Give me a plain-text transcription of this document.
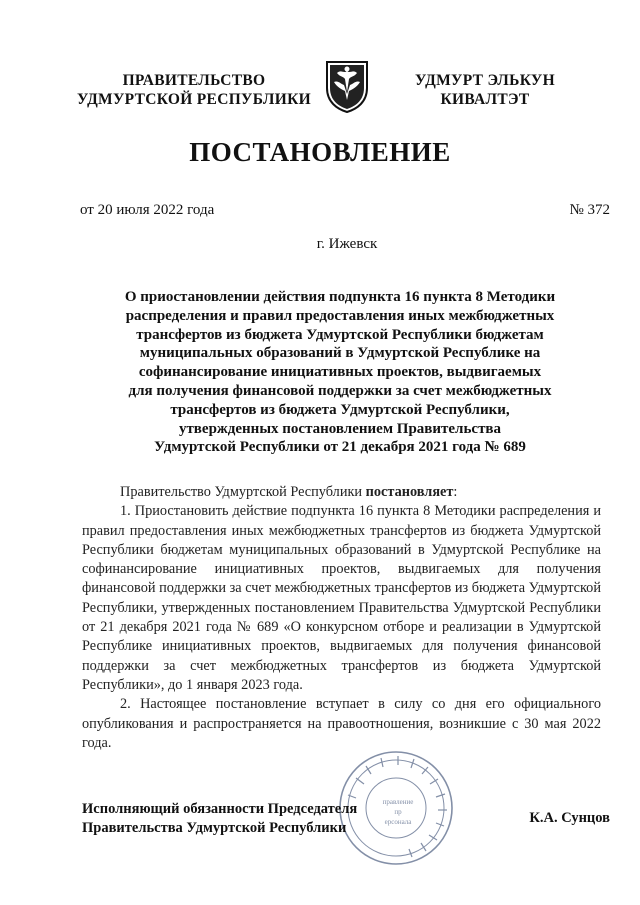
ПРАВИТЕЛЬСТВО
УДМУРТСКОЙ РЕСПУБЛИКИ
УДМУРТ ЭЛЬКУН
КИВАЛТЭТ
ПОСТАНОВЛЕНИЕ
от 20 июля 2022 года	№ 372
г. Ижевск
О приостановлении действия подпункта 16 пункта 8 Методики
распределения и правил предоставления иных межбюджетных
трансфертов из бюджета Удмуртской Республики бюджетам
муниципальных образований в Удмуртской Республике на
софинансирование инициативных проектов, выдвигаемых
для получения финансовой поддержки за счет межбюджетных
трансфертов из бюджета Удмуртской Республики,
утвержденных постановлением Правительства
Удмуртской Республики от 21 декабря 2021 года № 689

Правительство Удмуртской Республики постановляет:

1. Приостановить действие подпункта 16 пункта 8 Методики распределения и правил предоставления иных межбюджетных трансфертов из бюджета Удмуртской Республики бюджетам муниципальных образований в Удмуртской Республике на софинансирование инициативных проектов, выдвигаемых для получения финансовой поддержки за счет межбюджетных трансфертов из бюджета Удмуртской Республики, утвержденных постановлением Правительства Удмуртской Республики от 21 декабря 2021 года № 689 «О конкурсном отборе и реализации в Удмуртской Республике инициативных проектов, выдвигаемых для получения финансовой поддержки за счет межбюджетных трансфертов из бюджета Удмуртской Республики», до 1 января 2023 года.

2. Настоящее постановление вступает в силу со дня его официального опубликования и распространяется на правоотношения, возникшие с 30 мая 2022 года.

правление
пр
ерсонала
Исполняющий обязанности Председателя
Правительства Удмуртской Республики
К.А. Сунцов
